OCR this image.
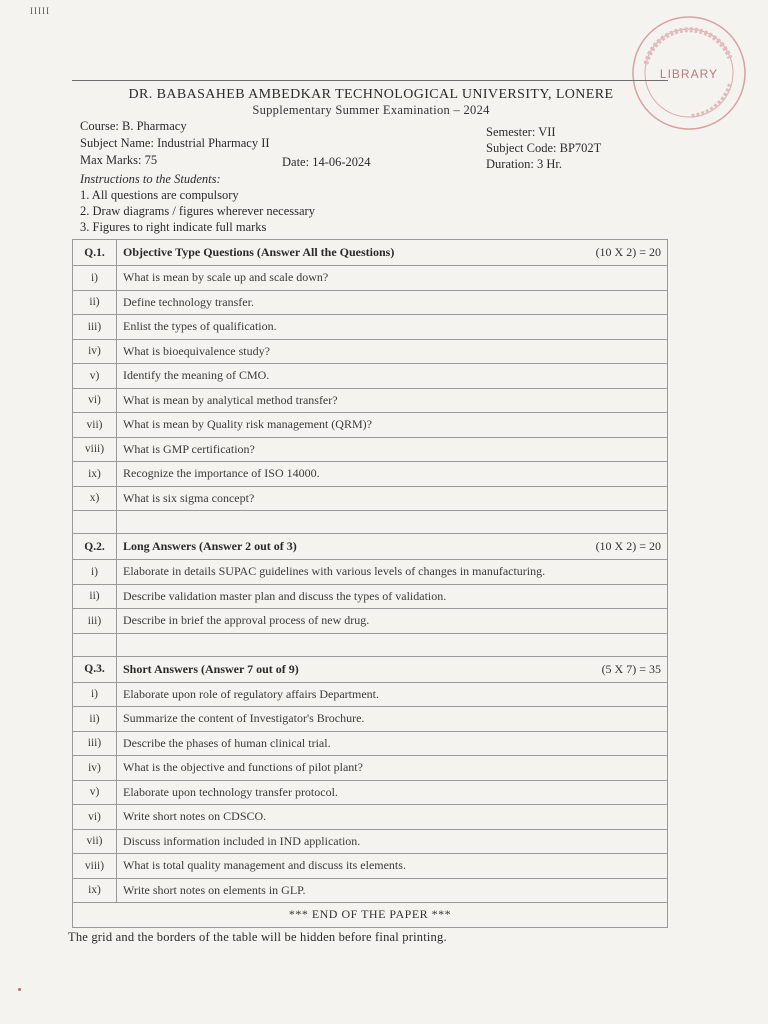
IIIII
LIBRARY
DR. BABASAHEB AMBEDKAR TECHNOLOGICAL UNIVERSITY, LONERE
Supplementary Summer Examination – 2024
Course: B. Pharmacy	Semester: VII
Subject Name: Industrial Pharmacy II	Subject Code: BP702T
Max Marks: 75	Date: 14-06-2024	Duration: 3 Hr.
Instructions to the Students:
1. All questions are compulsory
2. Draw diagrams / figures wherever necessary
3. Figures to right indicate full marks
Q.1.	Objective Type Questions (Answer All the Questions) (10 X 2) = 20

i)	What is mean by scale up and scale down?
ii)	Define technology transfer.
iii)	Enlist the types of qualification.
iv)	What is bioequivalence study?
v)	Identify the meaning of CMO.
vi)	What is mean by analytical method transfer?
vii)	What is mean by Quality risk management (QRM)?
viii)	What is GMP certification?
ix)	Recognize the importance of ISO 14000.
x)	What is six sigma concept?

Q.2.	Long Answers (Answer 2 out of 3) (10 X 2) = 20

i)	Elaborate in details SUPAC guidelines with various levels of changes in manufacturing.
ii)	Describe validation master plan and discuss the types of validation.
iii)	Describe in brief the approval process of new drug.

Q.3.	Short Answers (Answer 7 out of 9) (5 X 7) = 35

i)	Elaborate upon role of regulatory affairs Department.
ii)	Summarize the content of Investigator's Brochure.
iii)	Describe the phases of human clinical trial.
iv)	What is the objective and functions of pilot plant?
v)	Elaborate upon technology transfer protocol.
vi)	Write short notes on CDSCO.
vii)	Discuss information included in IND application.
viii)	What is total quality management and discuss its elements.
ix)	Write short notes on elements in GLP.
*** END OF THE PAPER ***	
The grid and the borders of the table will be hidden before final printing.
